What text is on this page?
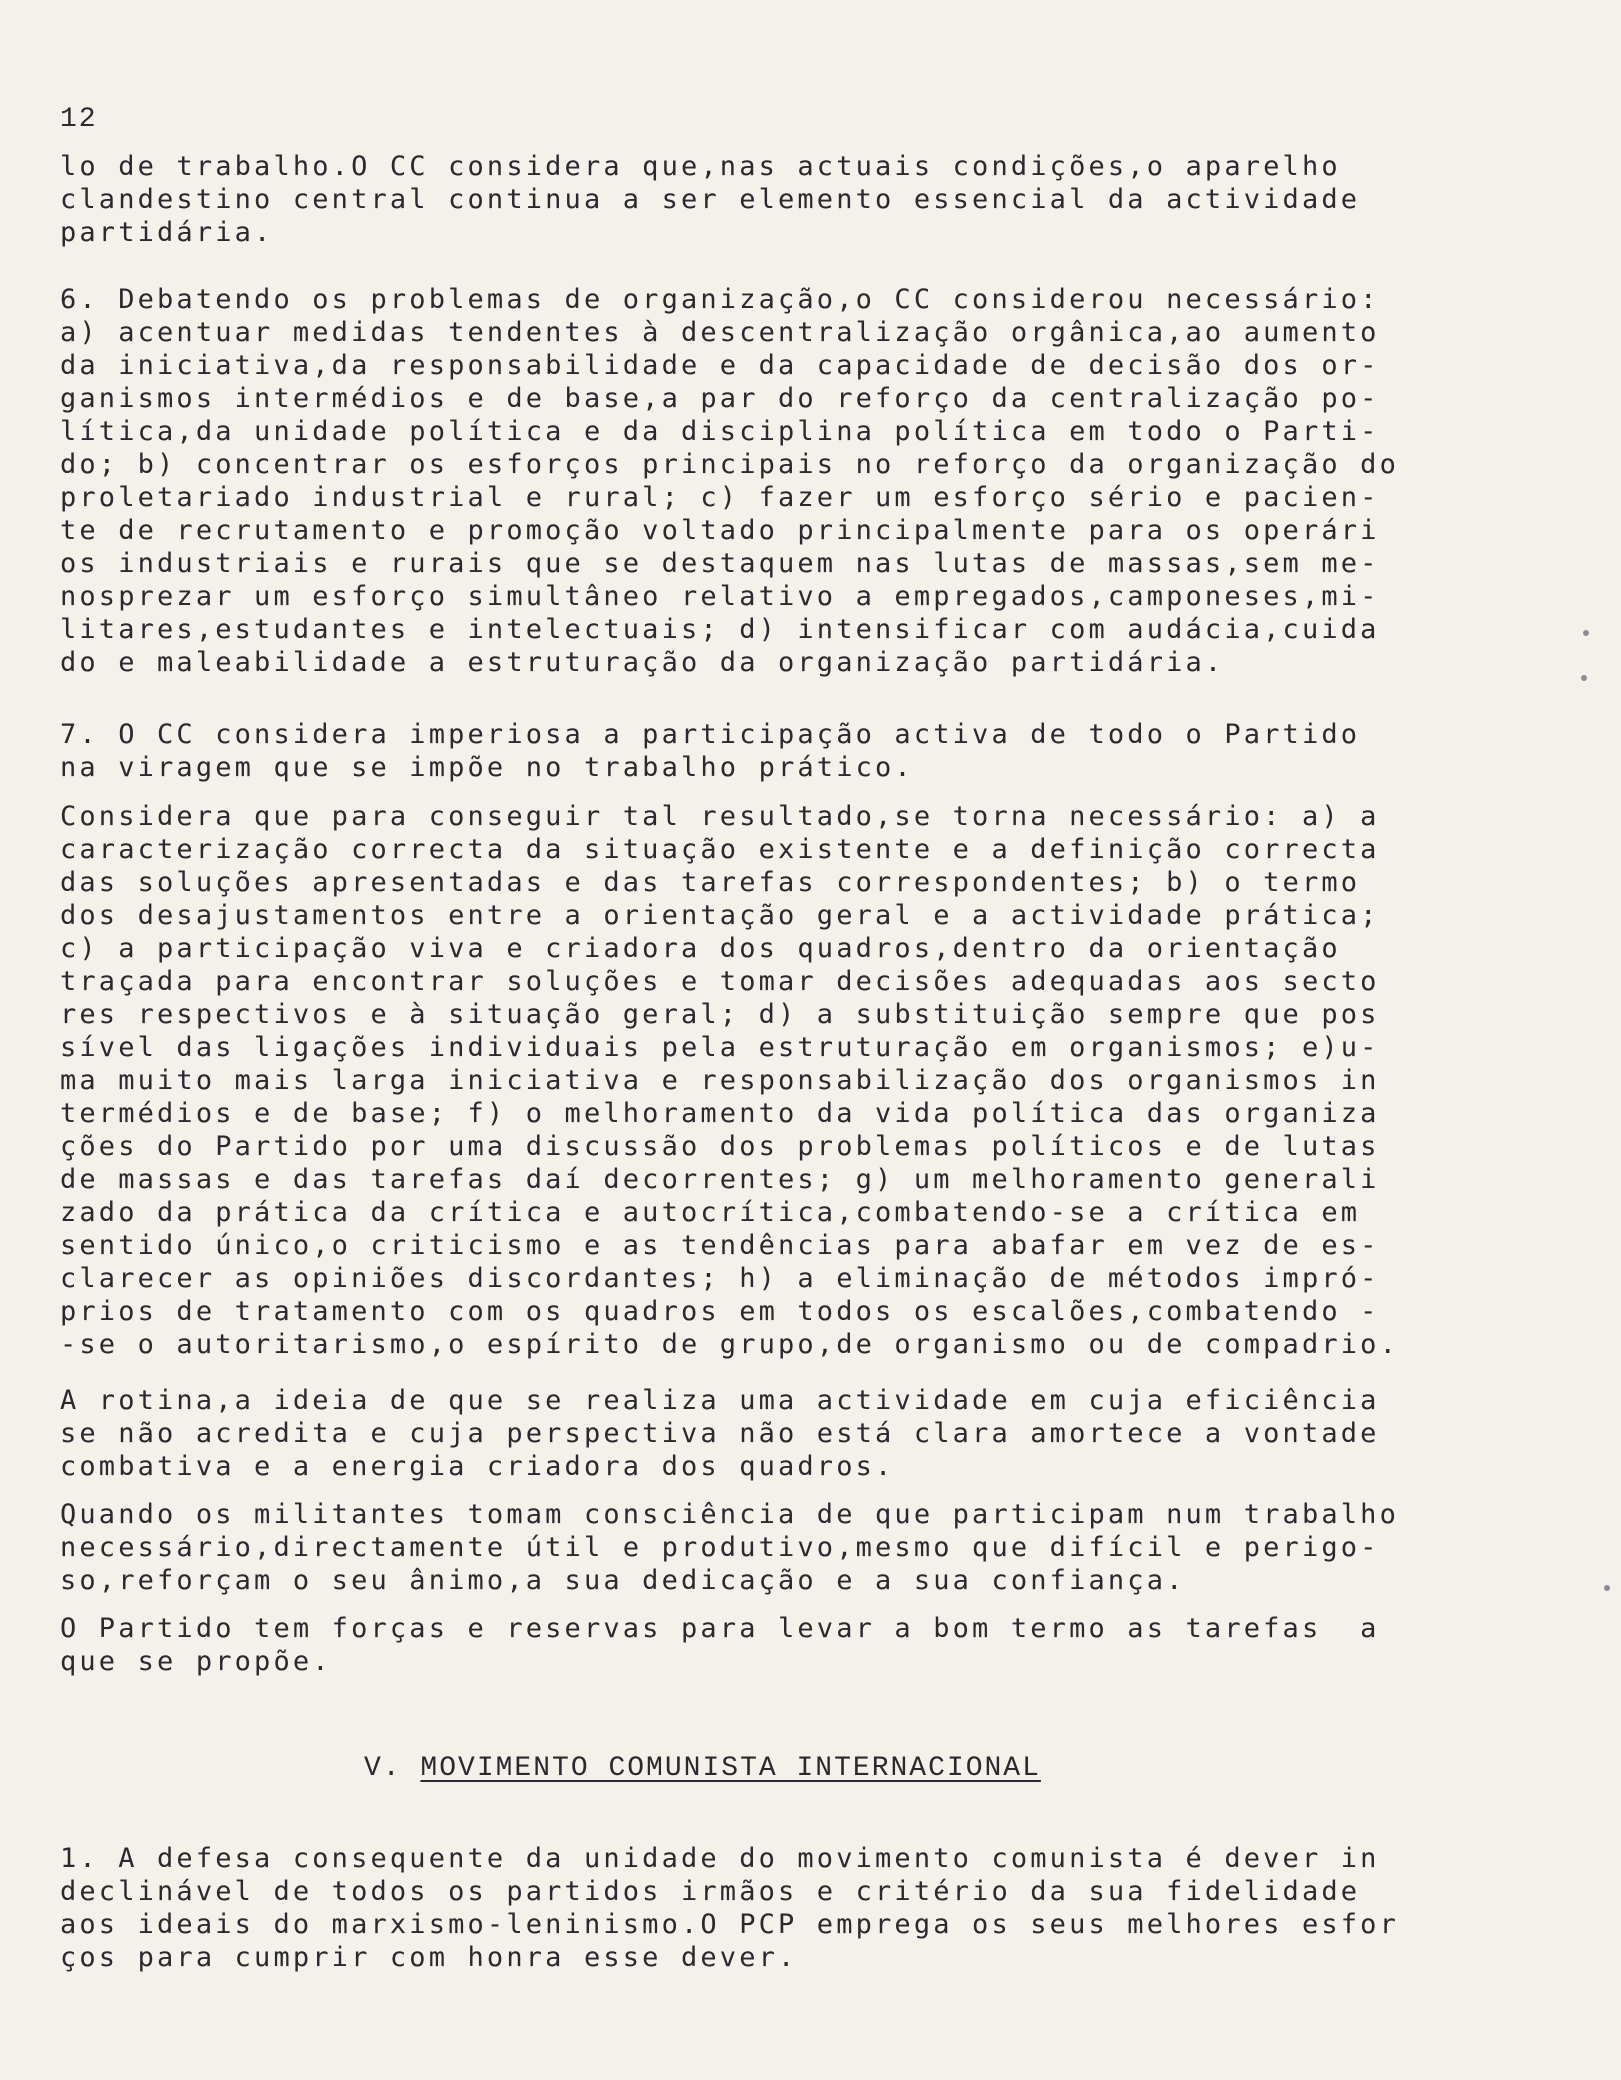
12
lo de trabalho.O CC considera que,nas actuais condições,o aparelho
clandestino central continua a ser elemento essencial da actividade
partidária.
6. Debatendo os problemas de organização,o CC considerou necessário:
a) acentuar medidas tendentes à descentralização orgânica,ao aumento
da iniciativa,da responsabilidade e da capacidade de decisão dos or-
ganismos intermédios e de base,a par do reforço da centralização po-
lítica,da unidade política e da disciplina política em todo o Parti-
do; b) concentrar os esforços principais no reforço da organização do
proletariado industrial e rural; c) fazer um esforço sério e pacien-
te de recrutamento e promoção voltado principalmente para os operári
os industriais e rurais que se destaquem nas lutas de massas,sem me-
nosprezar um esforço simultâneo relativo a empregados,camponeses,mi-
litares,estudantes e intelectuais; d) intensificar com audácia,cuida
do e maleabilidade a estruturação da organização partidária.
7. O CC considera imperiosa a participação activa de todo o Partido
na viragem que se impõe no trabalho prático.
Considera que para conseguir tal resultado,se torna necessário: a) a
caracterização correcta da situação existente e a definição correcta
das soluções apresentadas e das tarefas correspondentes; b) o termo
dos desajustamentos entre a orientação geral e a actividade prática;
c) a participação viva e criadora dos quadros,dentro da orientação
traçada para encontrar soluções e tomar decisões adequadas aos secto
res respectivos e à situação geral; d) a substituição sempre que pos
sível das ligações individuais pela estruturação em organismos; e)u-
ma muito mais larga iniciativa e responsabilização dos organismos in
termédios e de base; f) o melhoramento da vida política das organiza
ções do Partido por uma discussão dos problemas políticos e de lutas
de massas e das tarefas daí decorrentes; g) um melhoramento generali
zado da prática da crítica e autocrítica,combatendo-se a crítica em
sentido único,o criticismo e as tendências para abafar em vez de es-
clarecer as opiniões discordantes; h) a eliminação de métodos impró-
prios de tratamento com os quadros em todos os escalões,combatendo -
-se o autoritarismo,o espírito de grupo,de organismo ou de compadrio.
A rotina,a ideia de que se realiza uma actividade em cuja eficiência
se não acredita e cuja perspectiva não está clara amortece a vontade
combativa e a energia criadora dos quadros.
Quando os militantes tomam consciência de que participam num trabalho
necessário,directamente útil e produtivo,mesmo que difícil e perigo-
so,reforçam o seu ânimo,a sua dedicação e a sua confiança.
O Partido tem forças e reservas para levar a bom termo as tarefas  a
que se propõe.
V. MOVIMENTO COMUNISTA INTERNACIONAL
1. A defesa consequente da unidade do movimento comunista é dever in
declinável de todos os partidos irmãos e critério da sua fidelidade
aos ideais do marxismo-leninismo.O PCP emprega os seus melhores esfor
ços para cumprir com honra esse dever.
